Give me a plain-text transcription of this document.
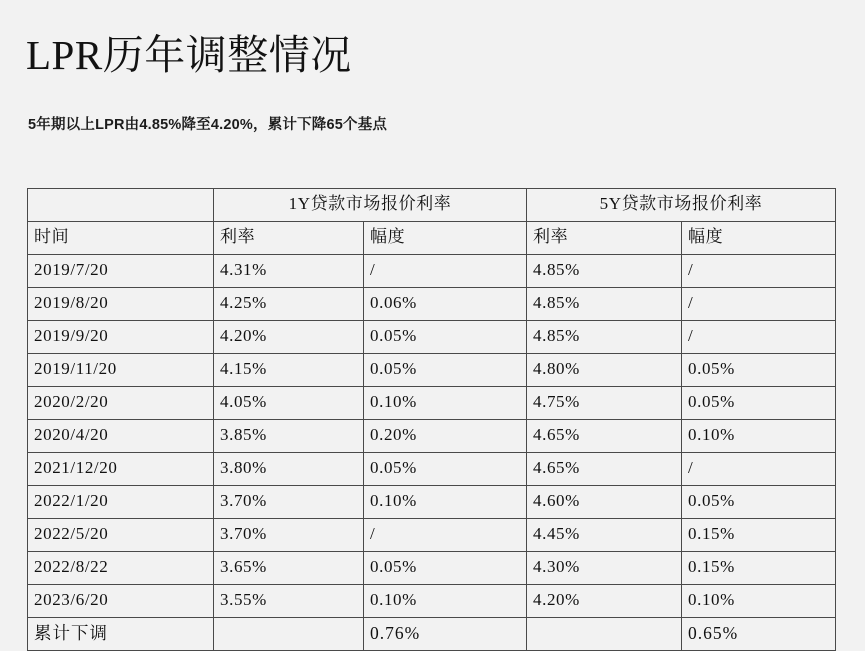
LPR历年调整情况
5年期以上LPR由4.85%降至4.20%，累计下降65个基点
	1Y贷款市场报价利率		5Y贷款市场报价利率	
时间	利率	幅度	利率	幅度
2019/7/20	4.31%	/	4.85%	/
2019/8/20	4.25%	0.06%	4.85%	/
2019/9/20	4.20%	0.05%	4.85%	/
2019/11/20	4.15%	0.05%	4.80%	0.05%
2020/2/20	4.05%	0.10%	4.75%	0.05%
2020/4/20	3.85%	0.20%	4.65%	0.10%
2021/12/20	3.80%	0.05%	4.65%	/
2022/1/20	3.70%	0.10%	4.60%	0.05%
2022/5/20	3.70%	/	4.45%	0.15%
2022/8/22	3.65%	0.05%	4.30%	0.15%
2023/6/20	3.55%	0.10%	4.20%	0.10%
累计下调		0.76%		0.65%
